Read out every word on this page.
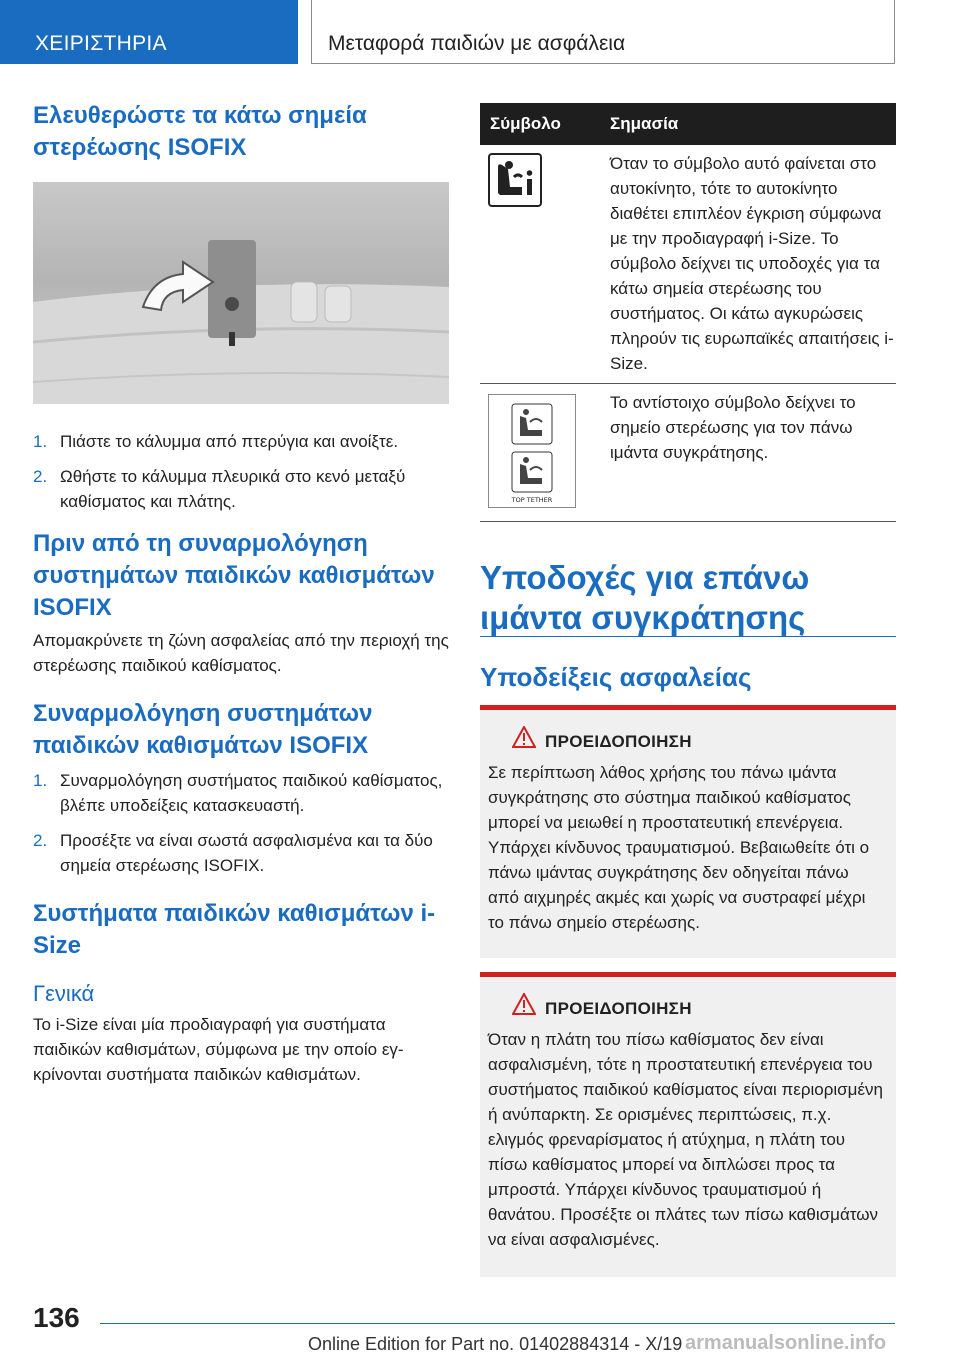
ΧΕΙΡΙΣΤΗΡΙΑ	Μεταφορά παιδιών με ασφάλεια
Ελευθερώστε τα κάτω σημεία στερέωσης ISOFIX
1. Πιάστε το κάλυμμα από πτερύγια και ανοίξτε.
2. Ωθήστε το κάλυμμα πλευρικά στο κενό μεταξύ καθίσματος και πλάτης.
Πριν από τη συναρμολόγηση συστημάτων παιδικών καθισμάτων ISOFIX

Απομακρύνετε τη ζώνη ασφαλείας από την περιοχή της στερέωσης παιδικού καθίσματος.

Συναρμολόγηση συστημάτων παιδικών καθισμάτων ISOFIX
1. Συναρμολόγηση συστήματος παιδικού καθίσματος, βλέπε υποδείξεις κατασκευαστή.
2. Προσέξτε να είναι σωστά ασφαλισμένα και τα δύο σημεία στερέωσης ISOFIX.
Συστήματα παιδικών καθισμάτων i-Size
Γενικά

Το i-Size είναι μία προδιαγραφή για συστήματα παιδικών καθισμάτων, σύμφωνα με την οποίο εγκρίνονται συστήματα παιδικών καθισμάτων.

Σύμβολο	Σημασία
Όταν το σύμβολο αυτό φαίνεται στο αυτοκίνητο, τότε το αυτοκίνητο διαθέτει επιπλέον έγκριση σύμφωνα με την προδιαγραφή i-Size. Το σύμβολο δείχνει τις υποδοχές για τα κάτω σημεία στερέωσης του συστήματος. Οι κάτω αγκυρώσεις πληρούν τις ευρωπαϊκές απαιτήσεις i-Size.
TOP TETHER
Το αντίστοιχο σύμβολο δείχνει το σημείο στερέωσης για τον πάνω ιμάντα συγκράτησης.
Υποδοχές για επάνω ιμάντα συγκράτησης
Υποδείξεις ασφαλείας
ΠΡΟΕΙΔΟΠΟΙΗΣΗ
Σε περίπτωση λάθος χρήσης του πάνω ιμάντα συγκράτησης στο σύστημα παιδικού καθίσματος μπορεί να μειωθεί η προστατευτική επενέργεια. Υπάρχει κίνδυνος τραυματισμού. Βεβαιωθείτε ότι ο πάνω ιμάντας συγκράτησης δεν οδηγείται πάνω από αιχμηρές ακμές και χωρίς να συστραφεί μέχρι το πάνω σημείο στερέωσης.
ΠΡΟΕΙΔΟΠΟΙΗΣΗ
Όταν η πλάτη του πίσω καθίσματος δεν είναι ασφαλισμένη, τότε η προστατευτική επενέργεια του συστήματος παιδικού καθίσματος είναι περιορισμένη ή ανύπαρκτη. Σε ορισμένες περιπτώσεις, π.χ. ελιγμός φρεναρίσματος ή ατύχημα, η πλάτη του πίσω καθίσματος μπορεί να διπλώσει προς τα μπροστά. Υπάρχει κίνδυνος τραυματισμού ή θανάτου. Προσέξτε οι πλάτες των πίσω καθισμάτων να είναι ασφαλισμένες.
136
Online Edition for Part no. 01402884314 - X/19 armanualsonline.info
